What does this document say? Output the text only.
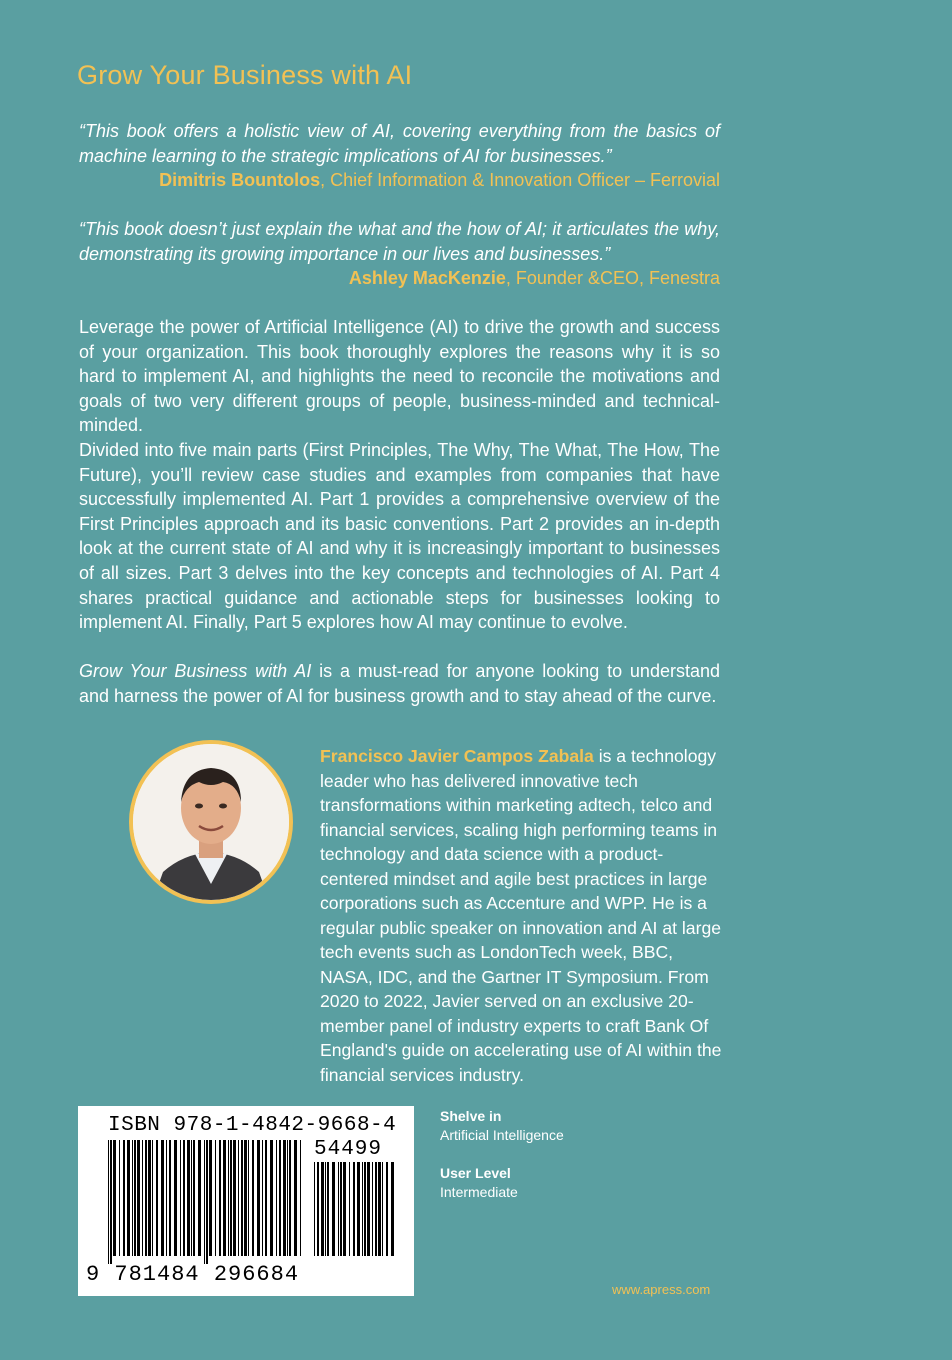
Grow Your Business with AI
“This book offers a holistic view of AI, covering everything from the basics of machine learning to the strategic implications of AI for businesses.”
Dimitris Bountolos, Chief Information & Innovation Officer – Ferrovial
“This book doesn’t just explain the what and the how of AI; it articulates the why, demonstrating its growing importance in our lives and businesses.”
Ashley MacKenzie, Founder &CEO, Fenestra
Leverage the power of Artificial Intelligence (AI) to drive the growth and success of your organization. This book thoroughly explores the reasons why it is so hard to implement AI, and highlights the need to reconcile the motivations and goals of two very different groups of people, business-minded and technical-minded.
Divided into five main parts (First Principles, The Why, The What, The How, The Future), you’ll review case studies and examples from companies that have successfully implemented AI. Part 1 provides a comprehensive overview of the First Principles approach and its basic conventions. Part 2 provides an in-depth look at the current state of AI and why it is increasingly important to businesses of all sizes. Part 3 delves into the key concepts and technologies of AI. Part 4 shares practical guidance and actionable steps for businesses looking to implement AI. Finally, Part 5 explores how AI may continue to evolve.
Grow Your Business with AI is a must-read for anyone looking to understand and harness the power of AI for business growth and to stay ahead of the curve.
Francisco Javier Campos Zabala is a technology leader who has delivered innovative tech transformations within marketing adtech, telco and financial services, scaling high performing teams in technology and data science with a product-centered mindset and agile best practices in large corporations such as Accenture and WPP. He is a regular public speaker on innovation and AI at large tech events such as LondonTech week, BBC, NASA, IDC, and the Gartner IT Symposium. From 2020 to 2022, Javier served on an exclusive 20-member panel of industry experts to craft Bank Of England's guide on accelerating use of AI within the financial services industry.
ISBN 978-1-4842-9668-4
54499
9 781484 296684
Shelve in
Artificial Intelligence
User Level
Intermediate
www.apress.com
